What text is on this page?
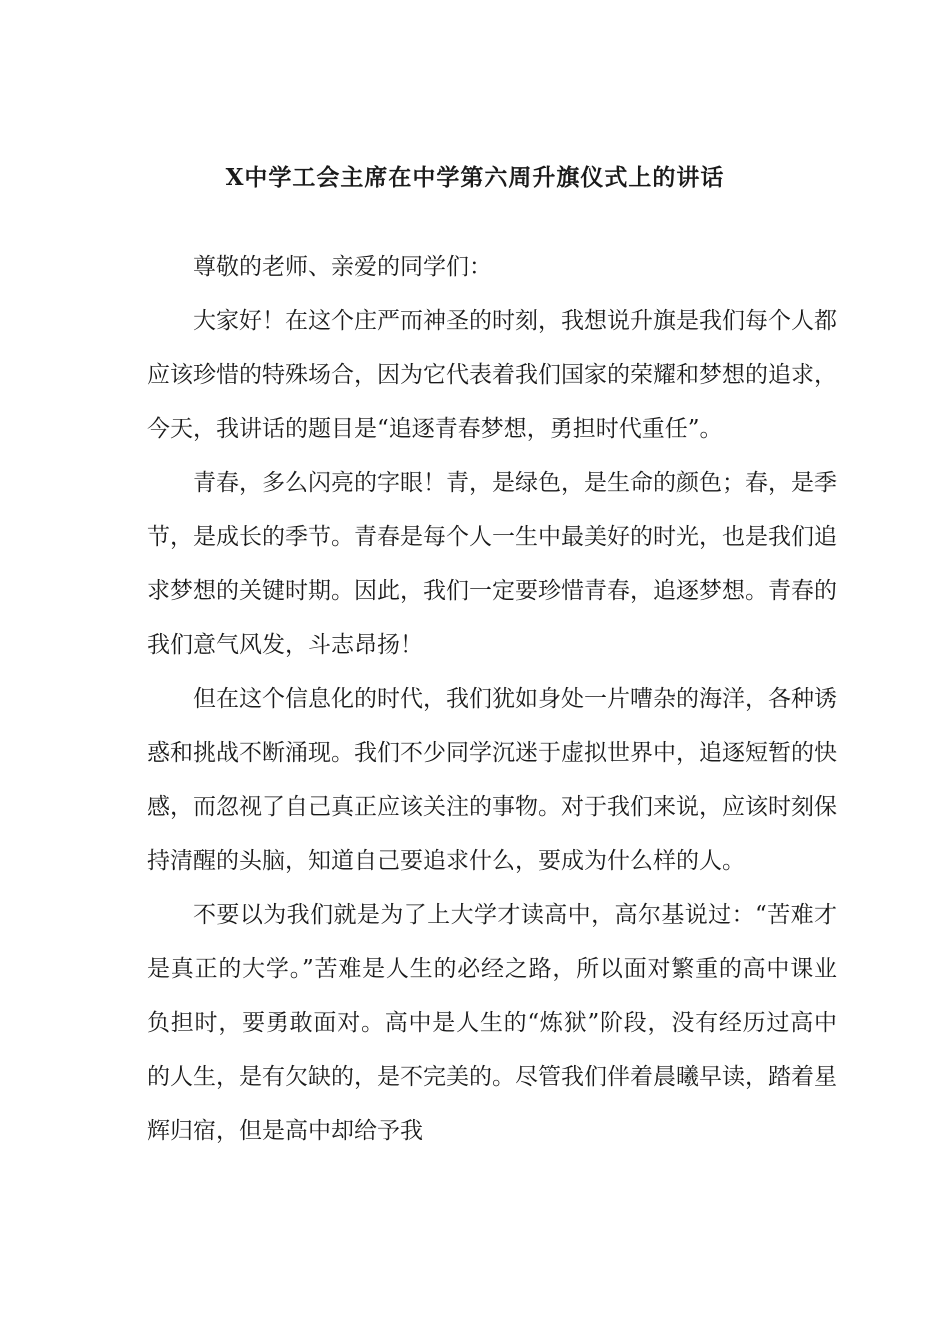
X中学工会主席在中学第六周升旗仪式上的讲话

尊敬的老师、亲爱的同学们：

大家好！在这个庄严而神圣的时刻，我想说升旗是我们每个人都应该珍惜的特殊场合，因为它代表着我们国家的荣耀和梦想的追求，今天，我讲话的题目是“追逐青春梦想，勇担时代重任”。

青春，多么闪亮的字眼！青，是绿色，是生命的颜色；春，是季节，是成长的季节。青春是每个人一生中最美好的时光，也是我们追求梦想的关键时期。因此，我们一定要珍惜青春，追逐梦想。青春的我们意气风发，斗志昂扬！

但在这个信息化的时代，我们犹如身处一片嘈杂的海洋，各种诱惑和挑战不断涌现。我们不少同学沉迷于虚拟世界中，追逐短暂的快感，而忽视了自己真正应该关注的事物。对于我们来说，应该时刻保持清醒的头脑，知道自己要追求什么，要成为什么样的人。

不要以为我们就是为了上大学才读高中，高尔基说过：“苦难才是真正的大学。”苦难是人生的必经之路，所以面对繁重的高中课业负担时，要勇敢面对。高中是人生的“炼狱”阶段，没有经历过高中的人生，是有欠缺的，是不完美的。尽管我们伴着晨曦早读，踏着星辉归宿，但是高中却给予我
